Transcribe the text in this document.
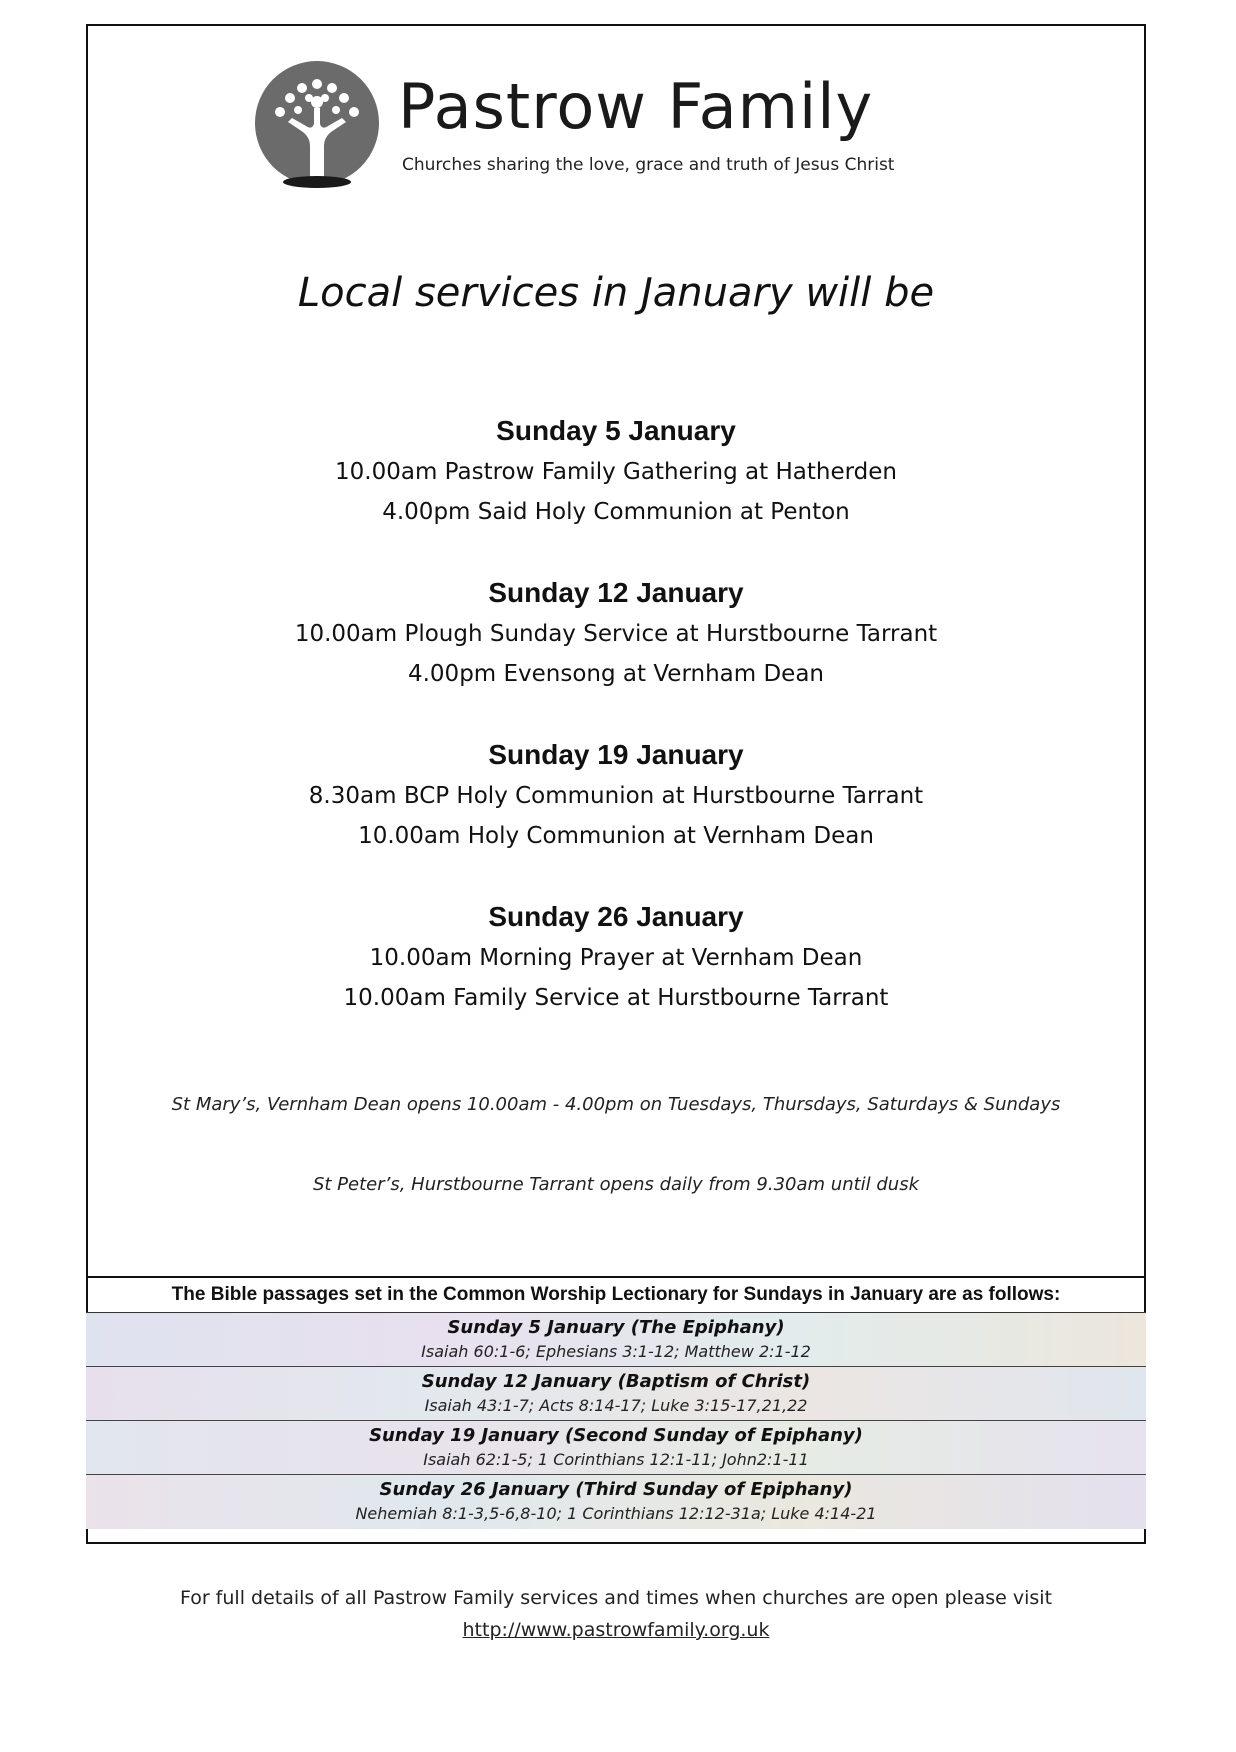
Pastrow Family
Churches sharing the love, grace and truth of Jesus Christ
Local services in January will be
Sunday 5 January
10.00am Pastrow Family Gathering at Hatherden
4.00pm Said Holy Communion at Penton
Sunday 12 January
10.00am Plough Sunday Service at Hurstbourne Tarrant
4.00pm Evensong at Vernham Dean
Sunday 19 January
8.30am BCP Holy Communion at Hurstbourne Tarrant
10.00am Holy Communion at Vernham Dean
Sunday 26 January
10.00am Morning Prayer at Vernham Dean
10.00am Family Service at Hurstbourne Tarrant
St Mary’s, Vernham Dean opens 10.00am - 4.00pm on Tuesdays, Thursdays, Saturdays & Sundays
St Peter’s, Hurstbourne Tarrant opens daily from 9.30am until dusk
The Bible passages set in the Common Worship Lectionary for Sundays in January are as follows:
Sunday 5 January (The Epiphany)
Isaiah 60:1-6; Ephesians 3:1-12; Matthew 2:1-12
Sunday 12 January (Baptism of Christ)
Isaiah 43:1-7; Acts 8:14-17; Luke 3:15-17,21,22
Sunday 19 January (Second Sunday of Epiphany)
Isaiah 62:1-5; 1 Corinthians 12:1-11; John2:1-11
Sunday 26 January (Third Sunday of Epiphany)
Nehemiah 8:1-3,5-6,8-10; 1 Corinthians 12:12-31a; Luke 4:14-21
For full details of all Pastrow Family services and times when churches are open please visit
http://www.pastrowfamily.org.uk
